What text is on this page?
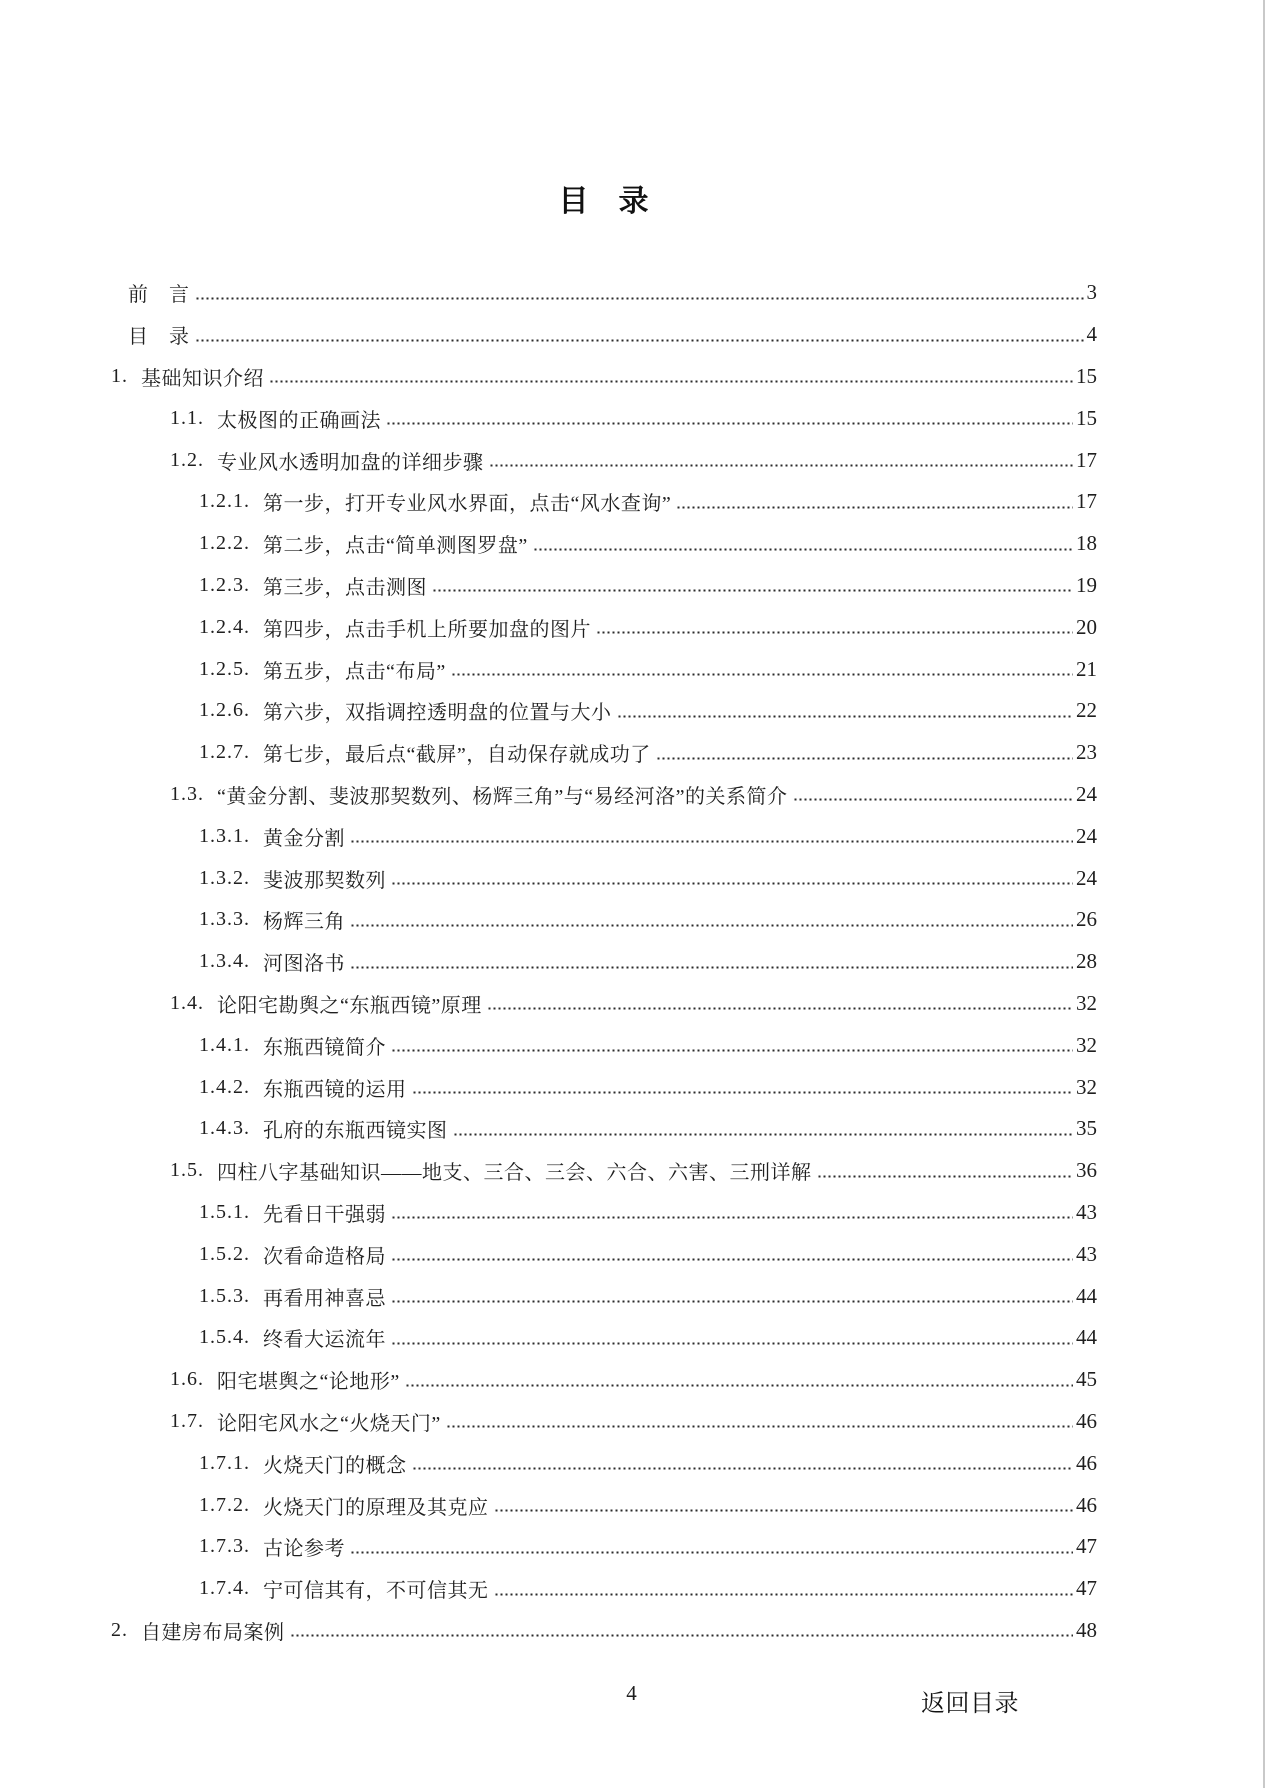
目　录
前　言	3
目　录	4
1. 基础知识介绍	15
1.1. 太极图的正确画法	15
1.2. 专业风水透明加盘的详细步骤	17
1.2.1. 第一步，打开专业风水界面，点击“风水查询”	17
1.2.2. 第二步，点击“简单测图罗盘”	18
1.2.3. 第三步，点击测图	19
1.2.4. 第四步，点击手机上所要加盘的图片	20
1.2.5. 第五步，点击“布局”	21
1.2.6. 第六步，双指调控透明盘的位置与大小	22
1.2.7. 第七步，最后点“截屏”，自动保存就成功了	23
1.3. “黄金分割、斐波那契数列、杨辉三角”与“易经河洛”的关系简介	24
1.3.1. 黄金分割	24
1.3.2. 斐波那契数列	24
1.3.3. 杨辉三角	26
1.3.4. 河图洛书	28
1.4. 论阳宅勘舆之“东瓶西镜”原理	32
1.4.1. 东瓶西镜简介	32
1.4.2. 东瓶西镜的运用	32
1.4.3. 孔府的东瓶西镜实图	35
1.5. 四柱八字基础知识——地支、三合、三会、六合、六害、三刑详解	36
1.5.1. 先看日干强弱	43
1.5.2. 次看命造格局	43
1.5.3. 再看用神喜忌	44
1.5.4. 终看大运流年	44
1.6. 阳宅堪舆之“论地形”	45
1.7. 论阳宅风水之“火烧天门”	46
1.7.1. 火烧天门的概念	46
1.7.2. 火烧天门的原理及其克应	46
1.7.3. 古论参考	47
1.7.4. 宁可信其有，不可信其无	47
2. 自建房布局案例	48
4	返回目录
